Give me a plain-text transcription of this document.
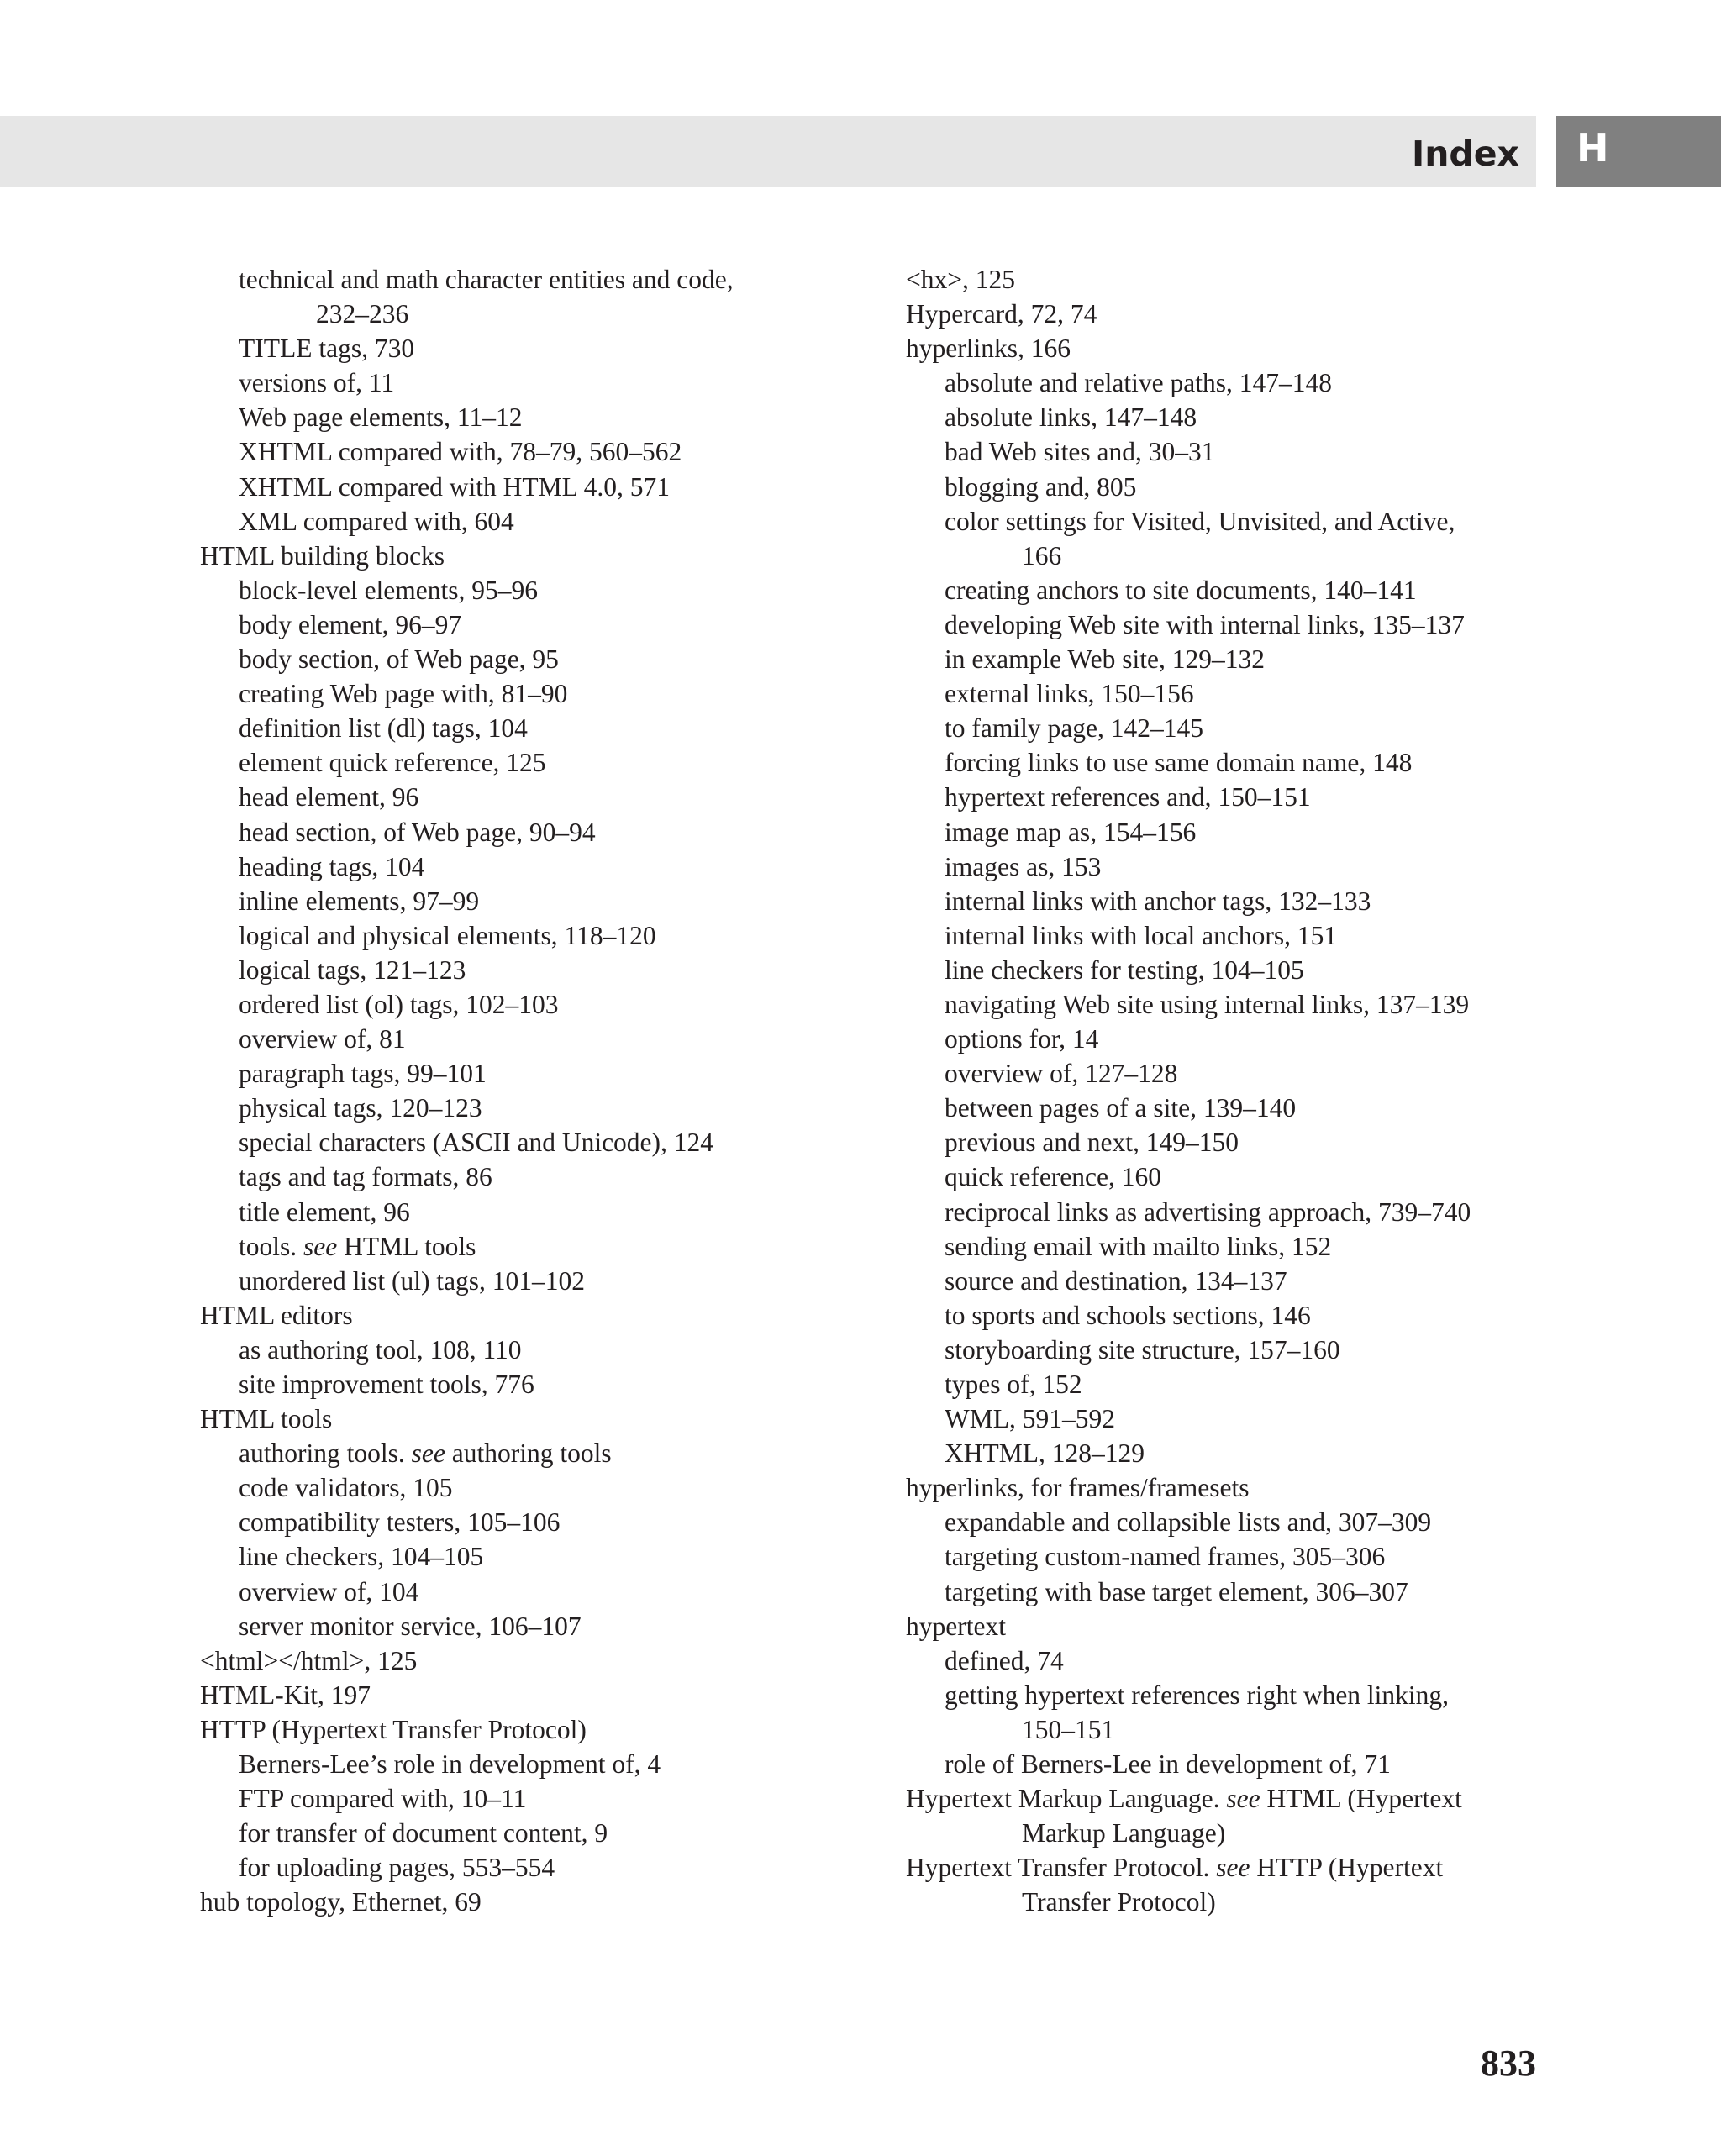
Index H
technical and math character entities and code,
232–236
TITLE tags, 730
versions of, 11
Web page elements, 11–12
XHTML compared with, 78–79, 560–562
XHTML compared with HTML 4.0, 571
XML compared with, 604
HTML building blocks
block-level elements, 95–96
body element, 96–97
body section, of Web page, 95
creating Web page with, 81–90
definition list (dl) tags, 104
element quick reference, 125
head element, 96
head section, of Web page, 90–94
heading tags, 104
inline elements, 97–99
logical and physical elements, 118–120
logical tags, 121–123
ordered list (ol) tags, 102–103
overview of, 81
paragraph tags, 99–101
physical tags, 120–123
special characters (ASCII and Unicode), 124
tags and tag formats, 86
title element, 96
tools. see HTML tools
unordered list (ul) tags, 101–102
HTML editors
as authoring tool, 108, 110
site improvement tools, 776
HTML tools
authoring tools. see authoring tools
code validators, 105
compatibility testers, 105–106
line checkers, 104–105
overview of, 104
server monitor service, 106–107
<html></html>, 125
HTML-Kit, 197
HTTP (Hypertext Transfer Protocol)
Berners-Lee’s role in development of, 4
FTP compared with, 10–11
for transfer of document content, 9
for uploading pages, 553–554
hub topology, Ethernet, 69
<hx>, 125
Hypercard, 72, 74
hyperlinks, 166
absolute and relative paths, 147–148
absolute links, 147–148
bad Web sites and, 30–31
blogging and, 805
color settings for Visited, Unvisited, and Active,
166
creating anchors to site documents, 140–141
developing Web site with internal links, 135–137
in example Web site, 129–132
external links, 150–156
to family page, 142–145
forcing links to use same domain name, 148
hypertext references and, 150–151
image map as, 154–156
images as, 153
internal links with anchor tags, 132–133
internal links with local anchors, 151
line checkers for testing, 104–105
navigating Web site using internal links, 137–139
options for, 14
overview of, 127–128
between pages of a site, 139–140
previous and next, 149–150
quick reference, 160
reciprocal links as advertising approach, 739–740
sending email with mailto links, 152
source and destination, 134–137
to sports and schools sections, 146
storyboarding site structure, 157–160
types of, 152
WML, 591–592
XHTML, 128–129
hyperlinks, for frames/framesets
expandable and collapsible lists and, 307–309
targeting custom-named frames, 305–306
targeting with base target element, 306–307
hypertext
defined, 74
getting hypertext references right when linking,
150–151
role of Berners-Lee in development of, 71
Hypertext Markup Language. see HTML (Hypertext
Markup Language)
Hypertext Transfer Protocol. see HTTP (Hypertext
Transfer Protocol)
833
